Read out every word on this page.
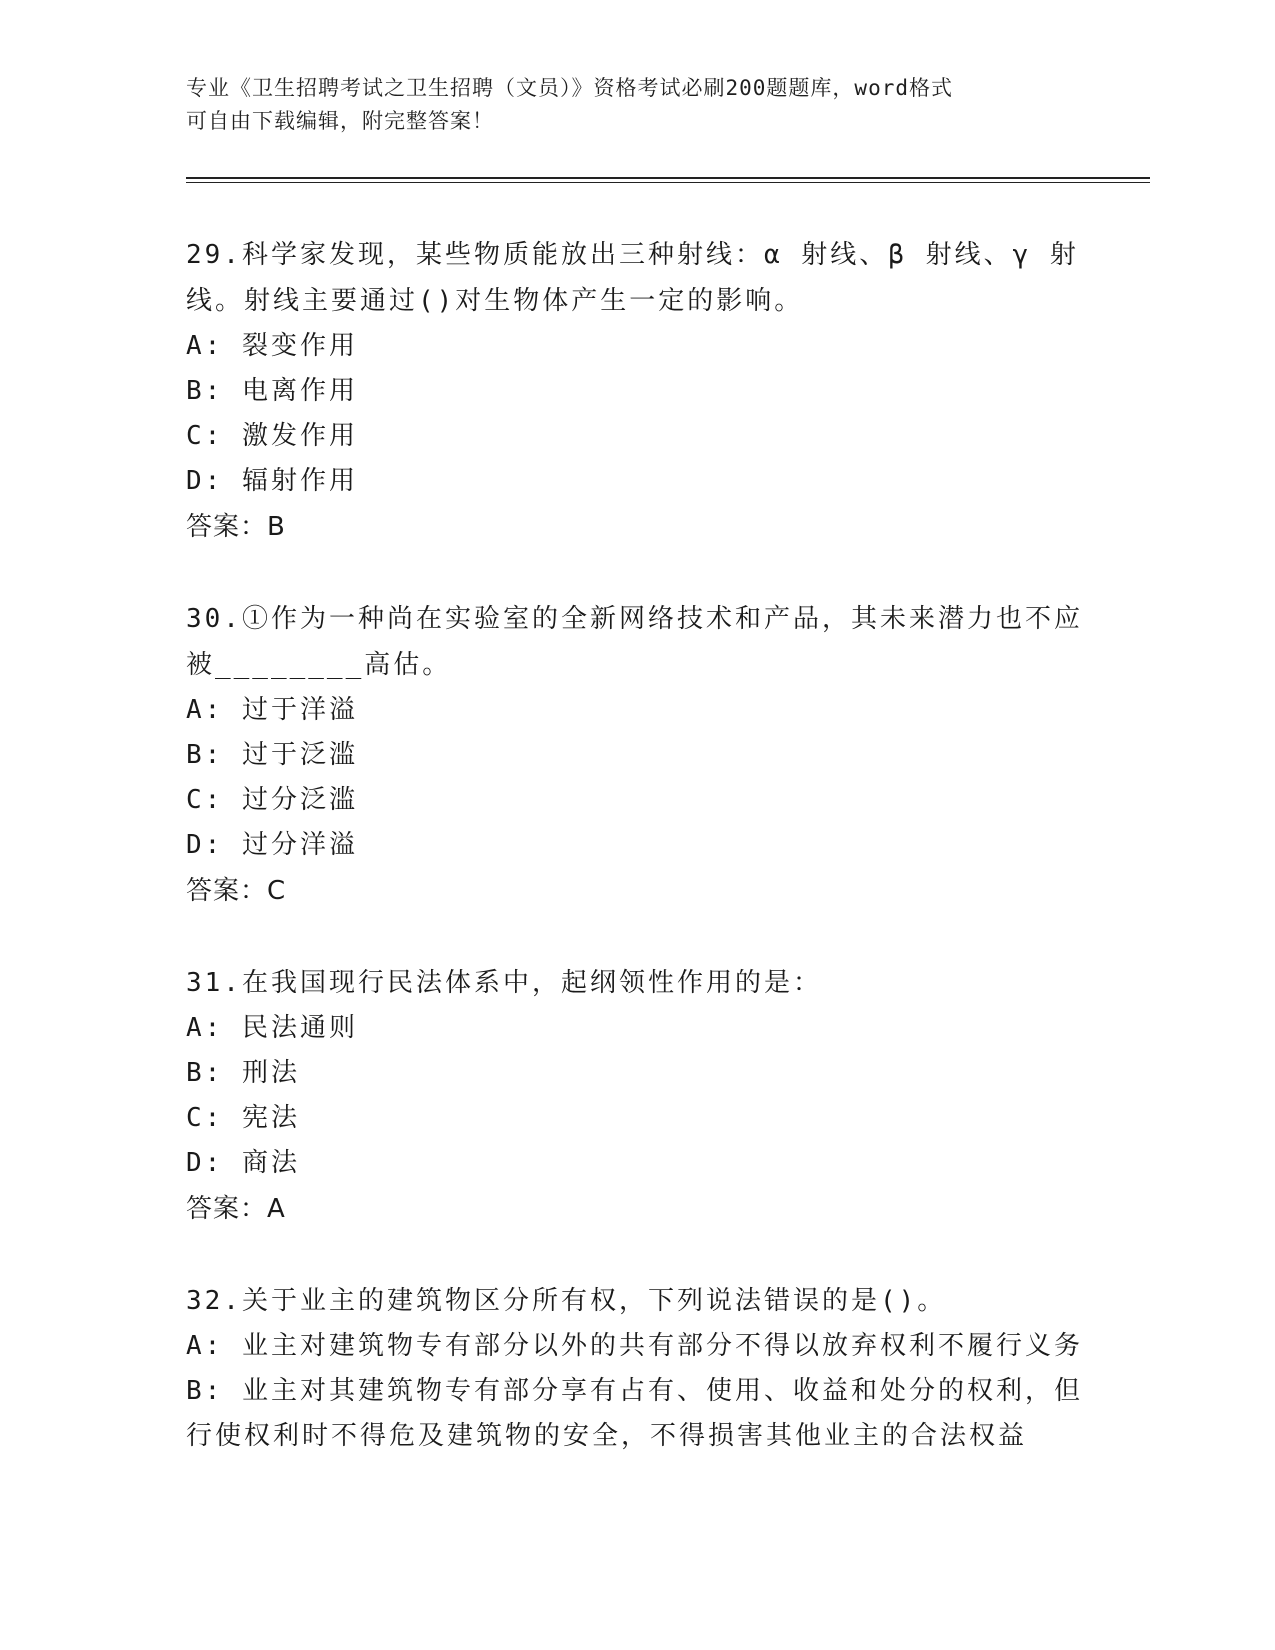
专业《卫生招聘考试之卫生招聘（文员）》资格考试必刷200题题库，word格式
可自由下载编辑，附完整答案！

29.科学家发现，某些物质能放出三种射线：α 射线、β 射线、γ 射线。射线主要通过()对生物体产生一定的影响。

A: 裂变作用

B: 电离作用

C: 激发作用

D: 辐射作用

答案：B

30.①作为一种尚在实验室的全新网络技术和产品，其未来潜力也不应被________高估。

A: 过于洋溢

B: 过于泛滥

C: 过分泛滥

D: 过分洋溢

答案：C

31.在我国现行民法体系中，起纲领性作用的是：

A: 民法通则

B: 刑法

C: 宪法

D: 商法

答案：A

32.关于业主的建筑物区分所有权，下列说法错误的是()。

A: 业主对建筑物专有部分以外的共有部分不得以放弃权利不履行义务

B: 业主对其建筑物专有部分享有占有、使用、收益和处分的权利，但行使权利时不得危及建筑物的安全，不得损害其他业主的合法权益
